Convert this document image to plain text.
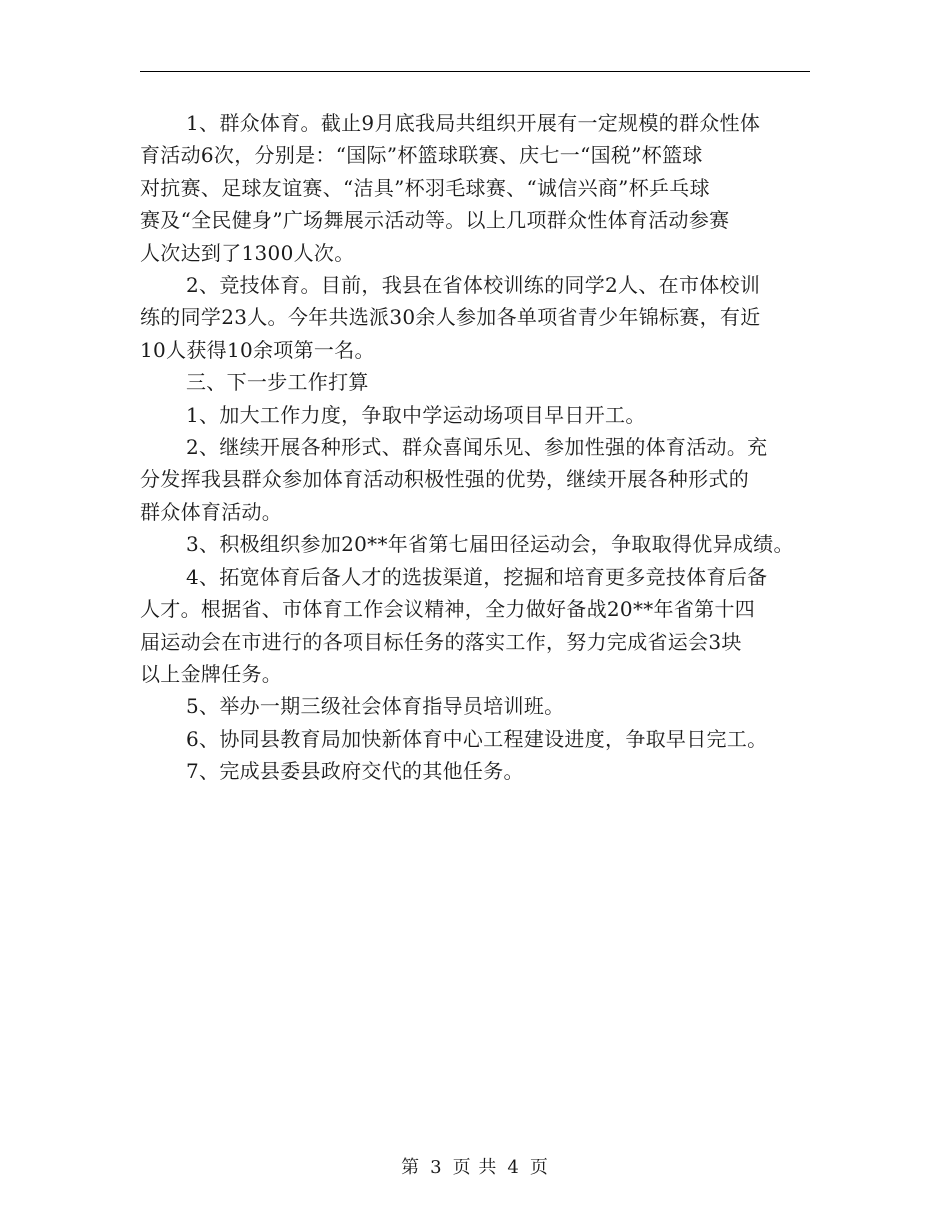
1、群众体育。截止9月底我局共组织开展有一定规模的群众性体
育活动6次，分别是：“国际”杯篮球联赛、庆七一“国税”杯篮球
对抗赛、足球友谊赛、“洁具”杯羽毛球赛、“诚信兴商”杯乒乓球
赛及“全民健身”广场舞展示活动等。以上几项群众性体育活动参赛
人次达到了1300人次。

2、竞技体育。目前，我县在省体校训练的同学2人、在市体校训
练的同学23人。今年共选派30余人参加各单项省青少年锦标赛，有近
10人获得10余项第一名。

三、下一步工作打算

1、加大工作力度，争取中学运动场项目早日开工。

2、继续开展各种形式、群众喜闻乐见、参加性强的体育活动。充
分发挥我县群众参加体育活动积极性强的优势，继续开展各种形式的
群众体育活动。

3、积极组织参加20**年省第七届田径运动会，争取取得优异成绩。

4、拓宽体育后备人才的选拔渠道，挖掘和培育更多竞技体育后备
人才。根据省、市体育工作会议精神，全力做好备战20**年省第十四
届运动会在市进行的各项目标任务的落实工作，努力完成省运会3块
以上金牌任务。

5、举办一期三级社会体育指导员培训班。

6、协同县教育局加快新体育中心工程建设进度，争取早日完工。

7、完成县委县政府交代的其他任务。

第 3 页 共 4 页
